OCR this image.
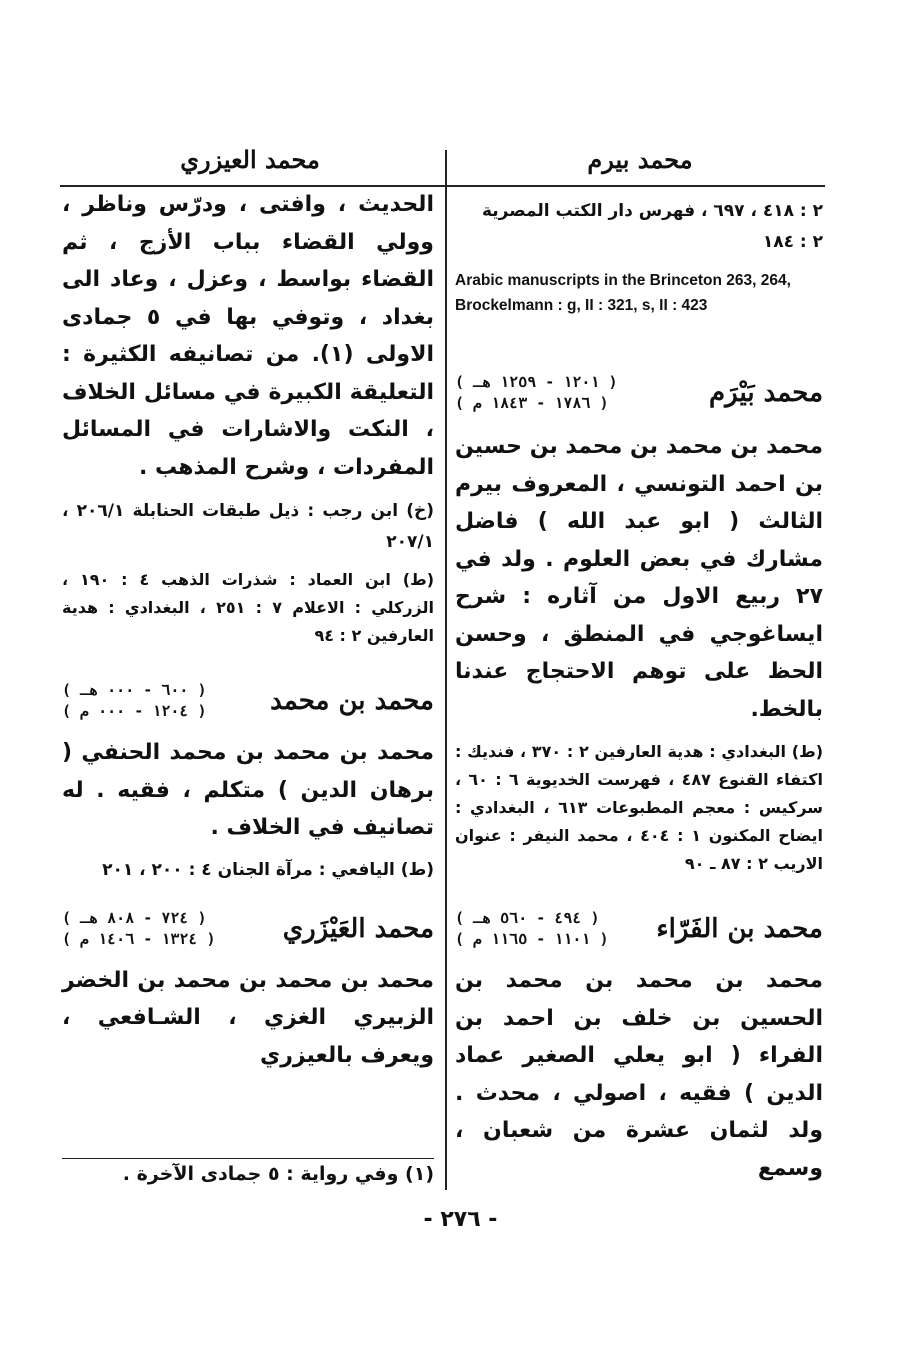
محمد بيرم
محمد العيزري

٢ : ٤١٨ ، ٦٩٧ ، فهرس دار الكتب المصرية

٢ : ١٨٤

Arabic manuscripts in the Brinceton 263, 264, Brockelmann : g, II : 321, s, II : 423

محمد بَيْرَم
( ١٢٠١ - ١٢٥٩ هـ )
( ١٧٨٦ - ١٨٤٣ م )

محمد بن محمد بن محمد بن حسين بن احمد التونسي ، المعروف بيرم الثالث ( ابو عبد الله ) فاضل مشارك في بعض العلوم . ولد في ٢٧ ربيع الاول من آثاره : شرح ايساغوجي في المنطق ، وحسن الحظ على توهم الاحتجاج عندنا بالخط.

(ط) البغدادي : هدية العارفين ٢ : ٣٧٠ ، فنديك : اكتفاء القنوع ٤٨٧ ، فهرست الخديوية ٦ : ٦٠ ، سركيس : معجم المطبوعات ٦١٣ ، البغدادي : ايضاح المكنون ١ : ٤٠٤ ، محمد النيفر : عنوان الاريب ٢ : ٨٧ ـ ٩٠

محمد بن الفَرّاء
( ٤٩٤ - ٥٦٠ هـ )
( ١١٠١ - ١١٦٥ م )

محمد بن محمد بن محمد بن الحسين بن خلف بن احمد بن الفراء ( ابو يعلي الصغير عماد الدين ) فقيه ، اصولي ، محدث . ولد لثمان عشرة من شعبان ، وسمع

الحديث ، وافتى ، ودرّس وناظر ، وولي القضاء بباب الأزج ، ثم القضاء بواسط ، وعزل ، وعاد الى بغداد ، وتوفي بها في ٥ جمادى الاولى (١). من تصانيفه الكثيرة : التعليقة الكبيرة في مسائل الخلاف ، النكت والاشارات في المسائل المفردات ، وشرح المذهب .

(خ) ابن رجب : ذيل طبقات الحنابلة ٢٠٦/١ ، ٢٠٧/١

(ط) ابن العماد : شذرات الذهب ٤ : ١٩٠ ، الزركلي : الاعلام ٧ : ٢٥١ ، البغدادي : هدية العارفين ٢ : ٩٤

محمد بن محمد
( ٦٠٠ - ٠٠٠ هـ )
( ١٢٠٤ - ٠٠٠ م )

محمد بن محمد بن محمد الحنفي ( برهان الدين ) متكلم ، فقيه . له تصانيف في الخلاف .

(ط) اليافعي : مرآة الجنان ٤ : ٢٠٠ ، ٢٠١

محمد العَيْزَري
( ٧٢٤ - ٨٠٨ هـ )
( ١٣٢٤ - ١٤٠٦ م )

محمد بن محمد بن محمد بن الخضر الزبيري الغزي ، الشـافعي ، ويعرف بالعيزري

(١) وفي رواية : ٥ جمادى الآخرة .
- ٢٧٦ -
